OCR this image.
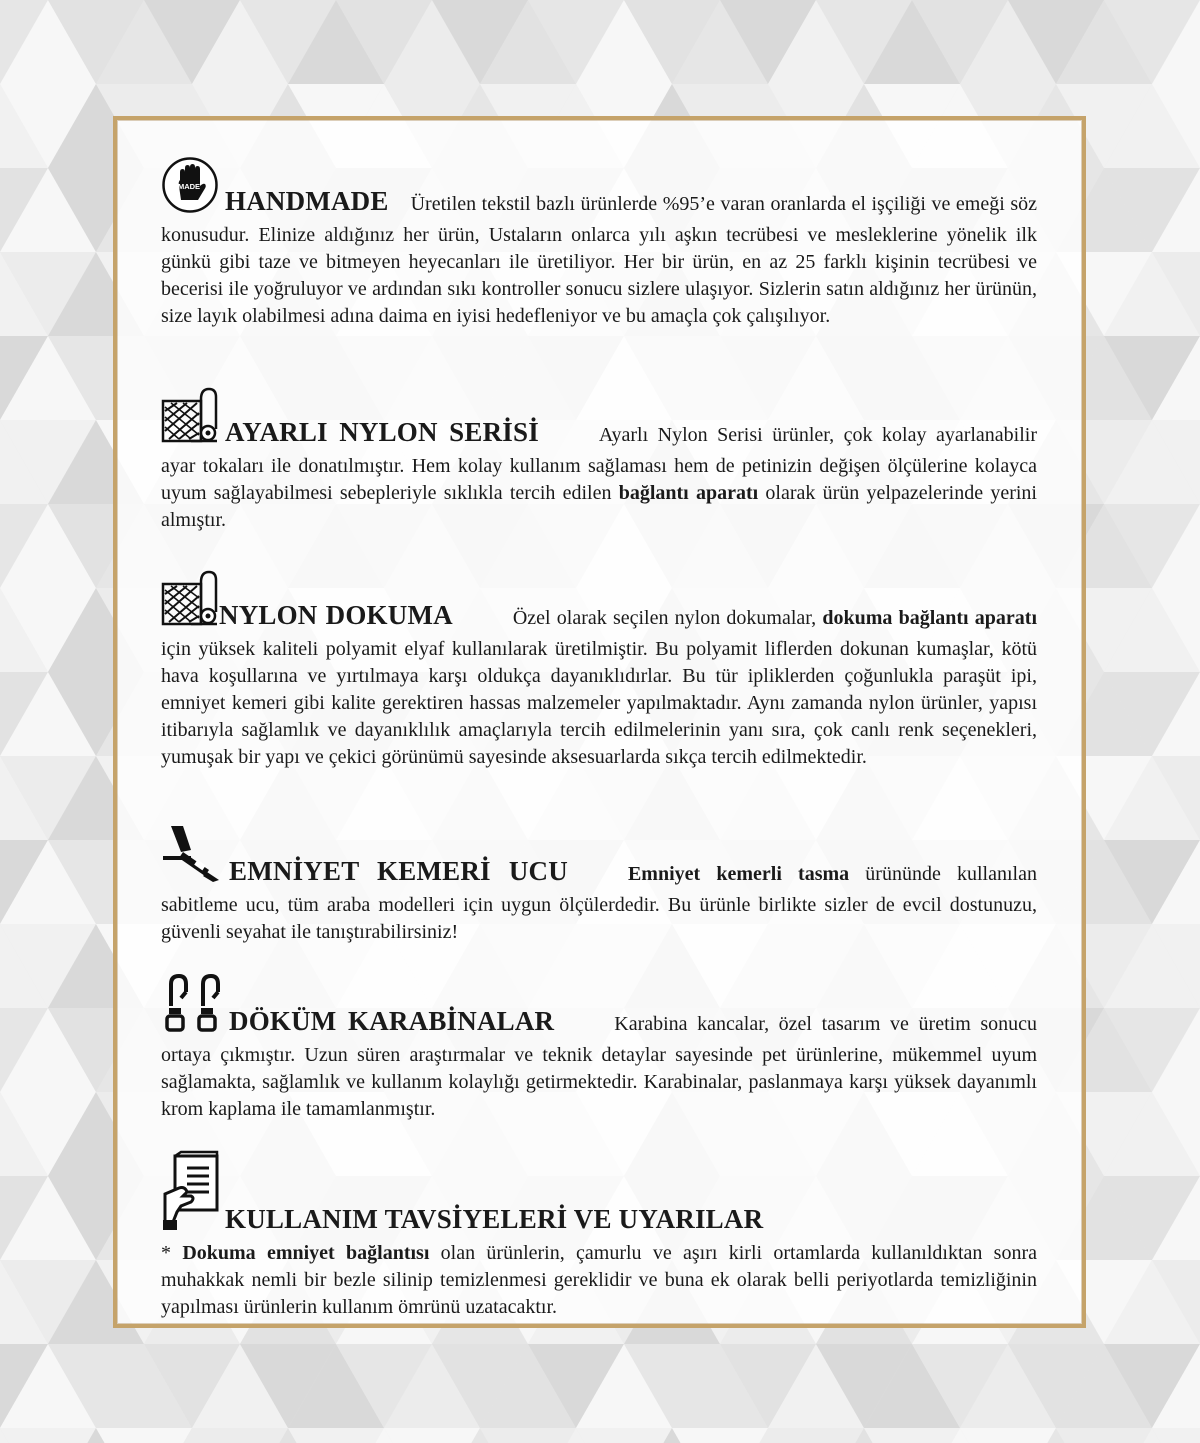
MADE HANDMADE Üretilen tekstil bazlı ürünlerde %95’e varan oranlarda el işçiliği ve emeği söz konusudur. Elinize aldığınız her ürün, Ustaların onlarca yılı aşkın tecrübesi ve mesleklerine yönelik ilk günkü gibi taze ve bitmeyen heyecanları ile üretiliyor. Her bir ürün, en az 25 farklı kişinin tecrübesi ve becerisi ile yoğruluyor ve ardından sıkı kontroller sonucu sizlere ulaşıyor. Sizlerin satın aldığınız her ürünün, size layık olabilmesi adına daima en iyisi hedefleniyor ve bu amaçla çok çalışılıyor.

AYARLI NYLON SERİSİ	Ayarlı Nylon Serisi ürünler, çok kolay ayarlanabilir ayar tokaları ile donatılmıştır. Hem kolay kullanım sağlaması hem de petinizin değişen ölçülerine kolayca uyum sağlayabilmesi sebepleriyle sıklıkla tercih edilen bağlantı aparatı olarak ürün yelpazelerinde yerini almıştır.

NYLON DOKUMA	Özel olarak seçilen nylon dokumalar, dokuma bağlantı aparatı için yüksek kaliteli polyamit elyaf kullanılarak üretilmiştir. Bu polyamit liflerden dokunan kumaşlar, kötü hava koşullarına ve yırtılmaya karşı oldukça dayanıklıdırlar. Bu tür ipliklerden çoğunlukla paraşüt ipi, emniyet kemeri gibi kalite gerektiren hassas malzemeler yapılmaktadır. Aynı zamanda nylon ürünler, yapısı itibarıyla sağlamlık ve dayanıklılık amaçlarıyla tercih edilmelerinin yanı sıra, çok canlı renk seçenekleri, yumuşak bir yapı ve çekici görünümü sayesinde aksesuarlarda sıkça tercih edilmektedir.

EMNİYET KEMERİ UCU	Emniyet kemerli tasma ürününde kullanılan sabitleme ucu, tüm araba modelleri için uygun ölçülerdedir. Bu ürünle birlikte sizler de evcil dostunuzu, güvenli seyahat ile tanıştırabilirsiniz!

DÖKÜM KARABİNALAR	Karabina kancalar, özel tasarım ve üretim sonucu ortaya çıkmıştır. Uzun süren araştırmalar ve teknik detaylar sayesinde pet ürünlerine, mükemmel uyum sağlamakta, sağlamlık ve kullanım kolaylığı getirmektedir. Karabinalar, paslanmaya karşı yüksek dayanımlı krom kaplama ile tamamlanmıştır.

KULLANIM TAVSİYELERİ VE UYARILAR
* Dokuma emniyet bağlantısı olan ürünlerin, çamurlu ve aşırı kirli ortamlarda kullanıldıktan sonra muhakkak nemli bir bezle silinip temizlenmesi gereklidir ve buna ek olarak belli periyotlarda temizliğinin yapılması ürünlerin kullanım ömrünü uzatacaktır.
